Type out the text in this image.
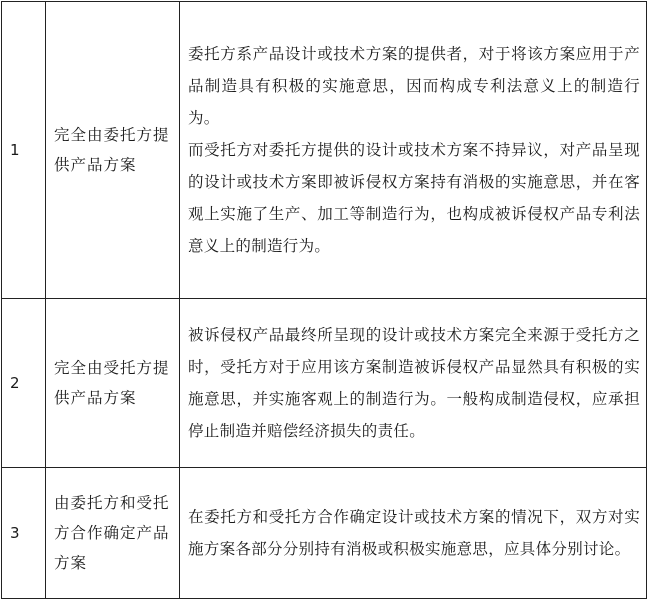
1	完全由委托方提供产品方案	委托方系产品设计或技术方案的提供者，对于将该方案应用于产品制造具有积极的实施意思，因而构成专利法意义上的制造行为。

而受托方对委托方提供的设计或技术方案不持异议，对产品呈现的设计或技术方案即被诉侵权方案持有消极的实施意思，并在客观上实施了生产、加工等制造行为，也构成被诉侵权产品专利法意义上的制造行为。

2	完全由受托方提供产品方案	被诉侵权产品最终所呈现的设计或技术方案完全来源于受托方之时，受托方对于应用该方案制造被诉侵权产品显然具有积极的实施意思，并实施客观上的制造行为。一般构成制造侵权，应承担停止制造并赔偿经济损失的责任。

3	由委托方和受托方合作确定产品方案	在委托方和受托方合作确定设计或技术方案的情况下，双方对实施方案各部分分别持有消极或积极实施意思，应具体分别讨论。
